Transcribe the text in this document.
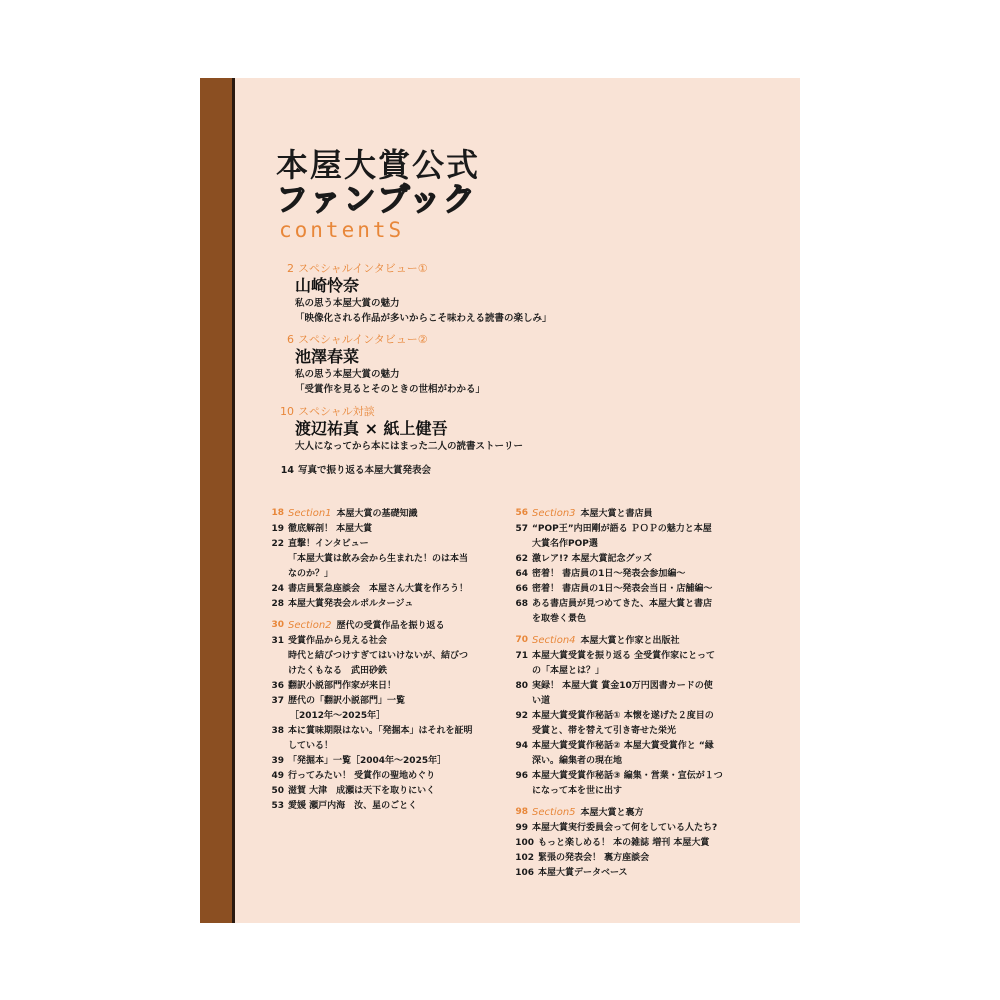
本屋大賞公式
ファンブック
contentS
2 スペシャルインタビュー①
山崎怜奈
私の思う本屋大賞の魅力
「映像化される作品が多いからこそ味わえる読書の楽しみ」
6 スペシャルインタビュー②
池澤春菜
私の思う本屋大賞の魅力
「受賞作を見るとそのときの世相がわかる」
10 スペシャル対談
渡辺祐真 × 紙上健吾
大人になってから本にはまった二人の読書ストーリー
14 写真で振り返る本屋大賞発表会
18 Section1 本屋大賞の基礎知識
19 徹底解剖！ 本屋大賞
22 直撃！インタビュー
「本屋大賞は飲み会から生まれた！のは本当
なのか？」
24 書店員緊急座談会　本屋さん大賞を作ろう！
28 本屋大賞発表会ルポルタージュ
30 Section2 歴代の受賞作品を振り返る
31 受賞作品から見える社会
時代と結びつけすぎてはいけないが、結びつ
けたくもなる　武田砂鉄
36 翻訳小説部門作家が来日！
37 歴代の「翻訳小説部門」一覧
［2012年～2025年］
38 本に賞味期限はない。「発掘本」はそれを証明
している！
39 「発掘本」一覧［2004年～2025年］
49 行ってみたい！ 受賞作の聖地めぐり
50 滋賀 大津　成瀬は天下を取りにいく
53 愛媛 瀬戸内海　汝、星のごとく
56 Section3 本屋大賞と書店員
57 “POP王”内田剛が語る ＰＯＰの魅力と本屋
大賞名作POP選
62 激レア!? 本屋大賞記念グッズ
64 密着！ 書店員の1日～発表会参加編～
66 密着！ 書店員の1日～発表会当日・店舗編～
68 ある書店員が見つめてきた、本屋大賞と書店
を取巻く景色
70 Section4 本屋大賞と作家と出版社
71 本屋大賞受賞を振り返る 全受賞作家にとって
の「本屋とは？」
80 実録！ 本屋大賞 賞金10万円図書カードの使
い道
92 本屋大賞受賞作秘話① 本懐を遂げた２度目の
受賞と、帯を替えて引き寄せた栄光
94 本屋大賞受賞作秘話② 本屋大賞受賞作と “縁
深い。編集者の現在地
96 本屋大賞受賞作秘話③ 編集・営業・宣伝が１つ
になって本を世に出す
98 Section5 本屋大賞と裏方
99 本屋大賞実行委員会って何をしている人たち?
100 もっと楽しめる！ 本の雑誌 増刊 本屋大賞
102 緊張の発表会！ 裏方座談会
106 本屋大賞データベース
